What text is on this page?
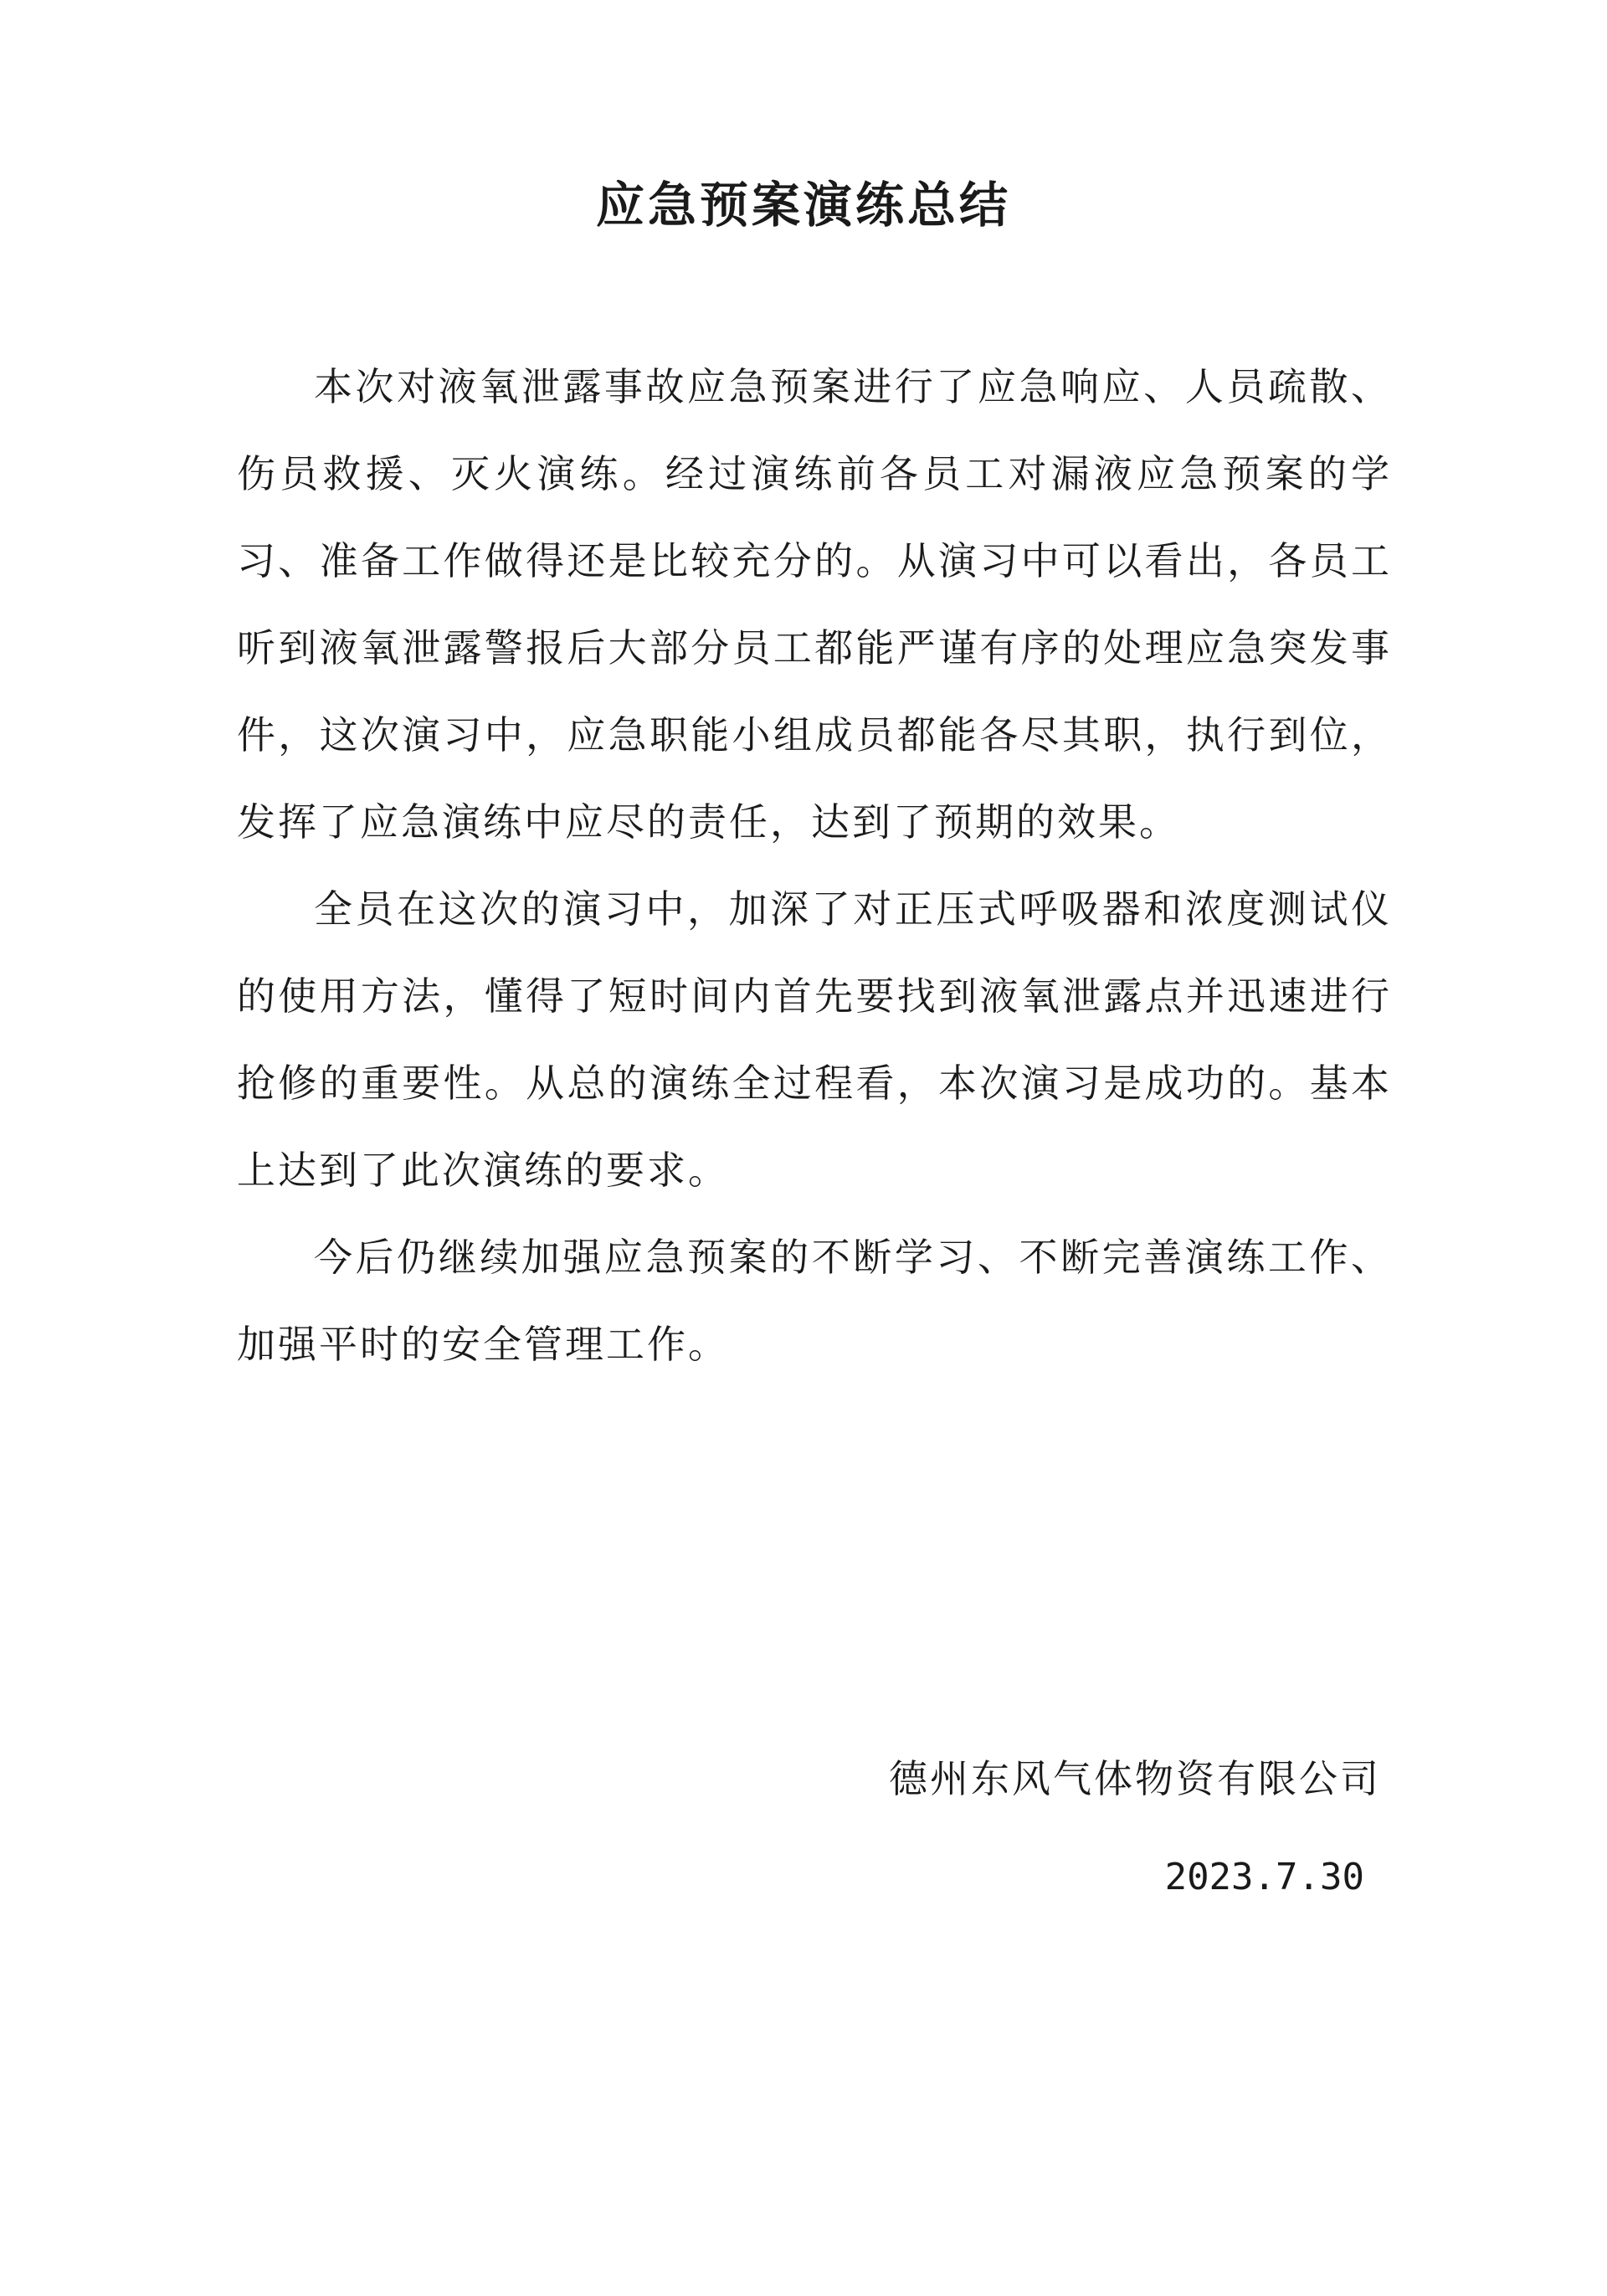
应急预案演练总结

本次对液氧泄露事故应急预案进行了应急响应、人员疏散、伤员救援、灭火演练。经过演练前各员工对漏液应急预案的学习、准备工作做得还是比较充分的。从演习中可以看出，各员工听到液氧泄露警报后大部分员工都能严谨有序的处理应急突发事件，这次演习中，应急职能小组成员都能各尽其职，执行到位，发挥了应急演练中应尽的责任，达到了预期的效果。

全员在这次的演习中，加深了对正压式呼吸器和浓度测试仪的使用方法，懂得了短时间内首先要找到液氧泄露点并迅速进行抢修的重要性。从总的演练全过程看，本次演习是成功的。基本上达到了此次演练的要求。

今后仍继续加强应急预案的不断学习、不断完善演练工作、加强平时的安全管理工作。

德州东风气体物资有限公司
2023.7.30
